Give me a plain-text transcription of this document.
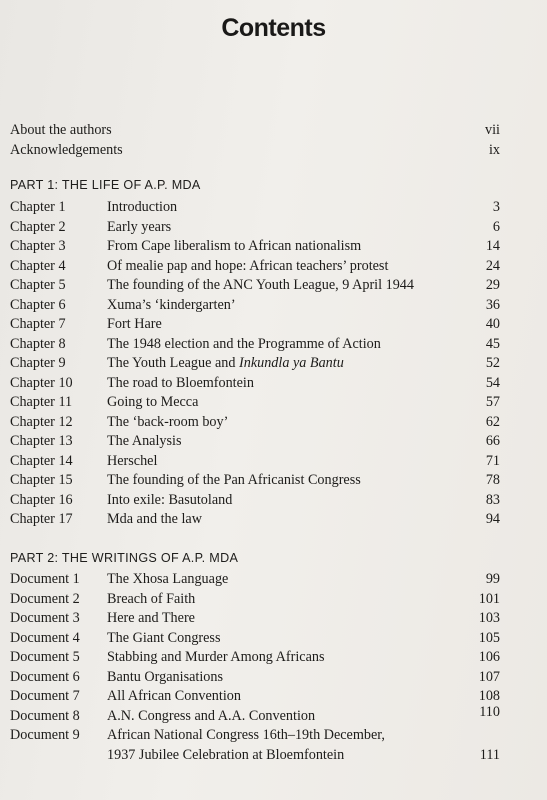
Contents
About the authors	vii
Acknowledgements	ix
PART 1: THE LIFE OF A.P. MDA
Chapter 1	Introduction	3
Chapter 2	Early years	6
Chapter 3	From Cape liberalism to African nationalism	14
Chapter 4	Of mealie pap and hope: African teachers’ protest	24
Chapter 5	The founding of the ANC Youth League, 9 April 1944	29
Chapter 6	Xuma’s ‘kindergarten’	36
Chapter 7	Fort Hare	40
Chapter 8	The 1948 election and the Programme of Action	45
Chapter 9	The Youth League and Inkundla ya Bantu	52
Chapter 10 The road to Bloemfontein	54
Chapter 11 Going to Mecca	57
Chapter 12 The ‘back-room boy’	62
Chapter 13 The Analysis	66
Chapter 14 Herschel	71
Chapter 15 The founding of the Pan Africanist Congress	78
Chapter 16 Into exile: Basutoland	83
Chapter 17 Mda and the law	94
PART 2: THE WRITINGS OF A.P. MDA
Document 1 The Xhosa Language	99
Document 2 Breach of Faith	101
Document 3 Here and There	103
Document 4 The Giant Congress	105
Document 5 Stabbing and Murder Among Africans	106
Document 6 Bantu Organisations	107
Document 7 All African Convention	108
Document 8 A.N. Congress and A.A. Convention	110
Document 9 African National Congress 16th–19th December,
1937 Jubilee Celebration at Bloemfontein	111
